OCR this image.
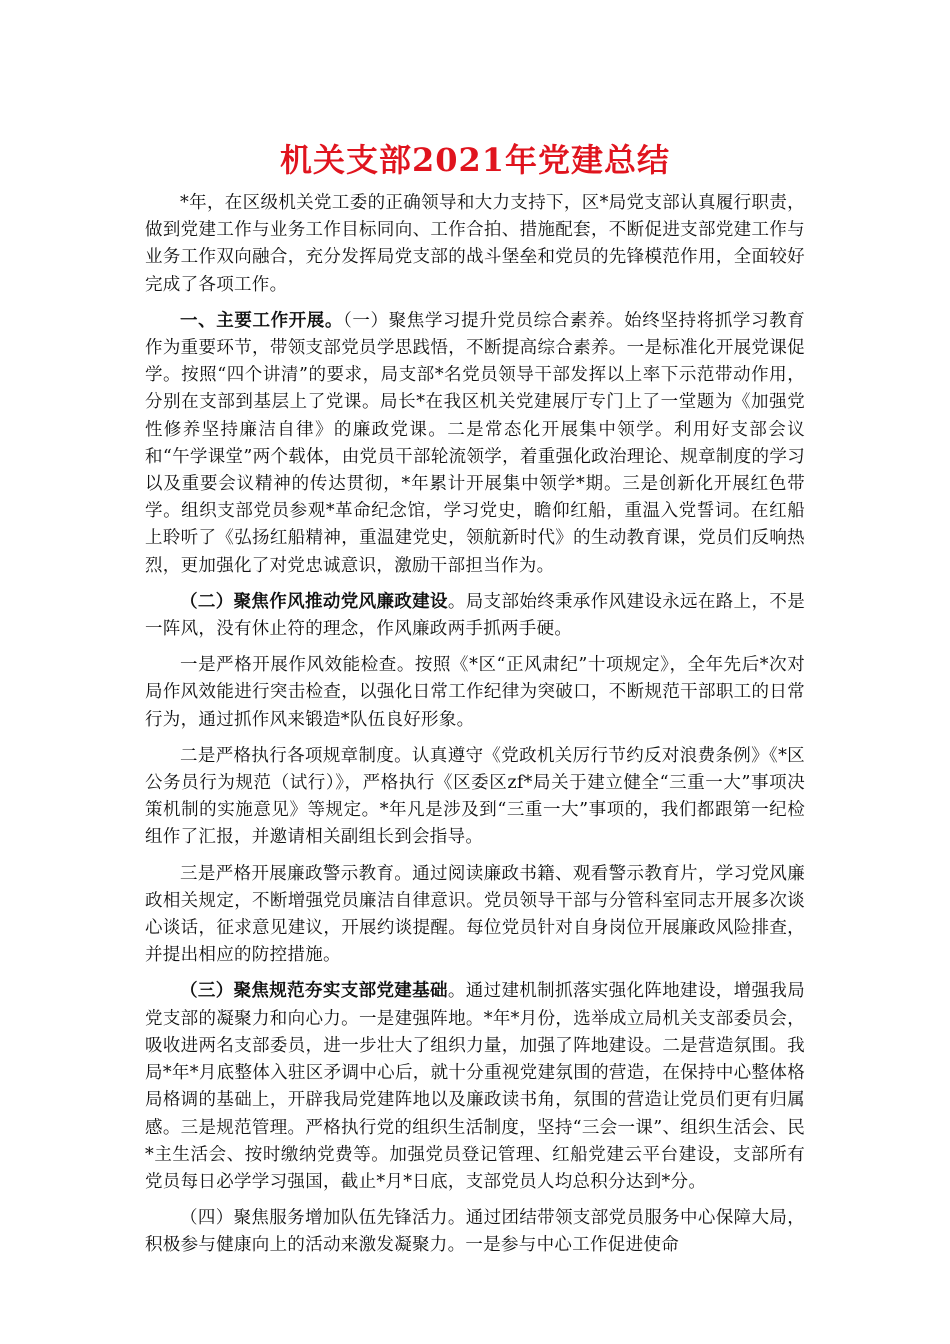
机关支部2021年党建总结

*年，在区级机关党工委的正确领导和大力支持下，区*局党支部认真履行职责，做到党建工作与业务工作目标同向、工作合拍、措施配套，不断促进支部党建工作与业务工作双向融合，充分发挥局党支部的战斗堡垒和党员的先锋模范作用，全面较好完成了各项工作。

一、主要工作开展。（一）聚焦学习提升党员综合素养。始终坚持将抓学习教育作为重要环节，带领支部党员学思践悟，不断提高综合素养。一是标准化开展党课促学。按照“四个讲清”的要求，局支部*名党员领导干部发挥以上率下示范带动作用，分别在支部到基层上了党课。局长*在我区机关党建展厅专门上了一堂题为《加强党性修养坚持廉洁自律》的廉政党课。二是常态化开展集中领学。利用好支部会议和“午学课堂”两个载体，由党员干部轮流领学，着重强化政治理论、规章制度的学习以及重要会议精神的传达贯彻，*年累计开展集中领学*期。三是创新化开展红色带学。组织支部党员参观*革命纪念馆，学习党史，瞻仰红船，重温入党誓词。在红船上聆听了《弘扬红船精神，重温建党史，领航新时代》的生动教育课，党员们反响热烈，更加强化了对党忠诚意识，激励干部担当作为。

（二）聚焦作风推动党风廉政建设。局支部始终秉承作风建设永远在路上，不是一阵风，没有休止符的理念，作风廉政两手抓两手硬。

一是严格开展作风效能检查。按照《*区“正风肃纪”十项规定》，全年先后*次对局作风效能进行突击检查，以强化日常工作纪律为突破口，不断规范干部职工的日常行为，通过抓作风来锻造*队伍良好形象。

二是严格执行各项规章制度。认真遵守《党政机关厉行节约反对浪费条例》《*区公务员行为规范（试行）》，严格执行《区委区zf*局关于建立健全“三重一大”事项决策机制的实施意见》等规定。*年凡是涉及到“三重一大”事项的，我们都跟第一纪检组作了汇报，并邀请相关副组长到会指导。

三是严格开展廉政警示教育。通过阅读廉政书籍、观看警示教育片，学习党风廉政相关规定，不断增强党员廉洁自律意识。党员领导干部与分管科室同志开展多次谈心谈话，征求意见建议，开展约谈提醒。每位党员针对自身岗位开展廉政风险排查，并提出相应的防控措施。

（三）聚焦规范夯实支部党建基础。通过建机制抓落实强化阵地建设，增强我局党支部的凝聚力和向心力。一是建强阵地。*年*月份，选举成立局机关支部委员会，吸收进两名支部委员，进一步壮大了组织力量，加强了阵地建设。二是营造氛围。我局*年*月底整体入驻区矛调中心后，就十分重视党建氛围的营造，在保持中心整体格局格调的基础上，开辟我局党建阵地以及廉政读书角，氛围的营造让党员们更有归属感。三是规范管理。严格执行党的组织生活制度，坚持“三会一课”、组织生活会、民*主生活会、按时缴纳党费等。加强党员登记管理、红船党建云平台建设，支部所有党员每日必学学习强国，截止*月*日底，支部党员人均总积分达到*分。

（四）聚焦服务增加队伍先锋活力。通过团结带领支部党员服务中心保障大局，积极参与健康向上的活动来激发凝聚力。一是参与中心工作促进使命
